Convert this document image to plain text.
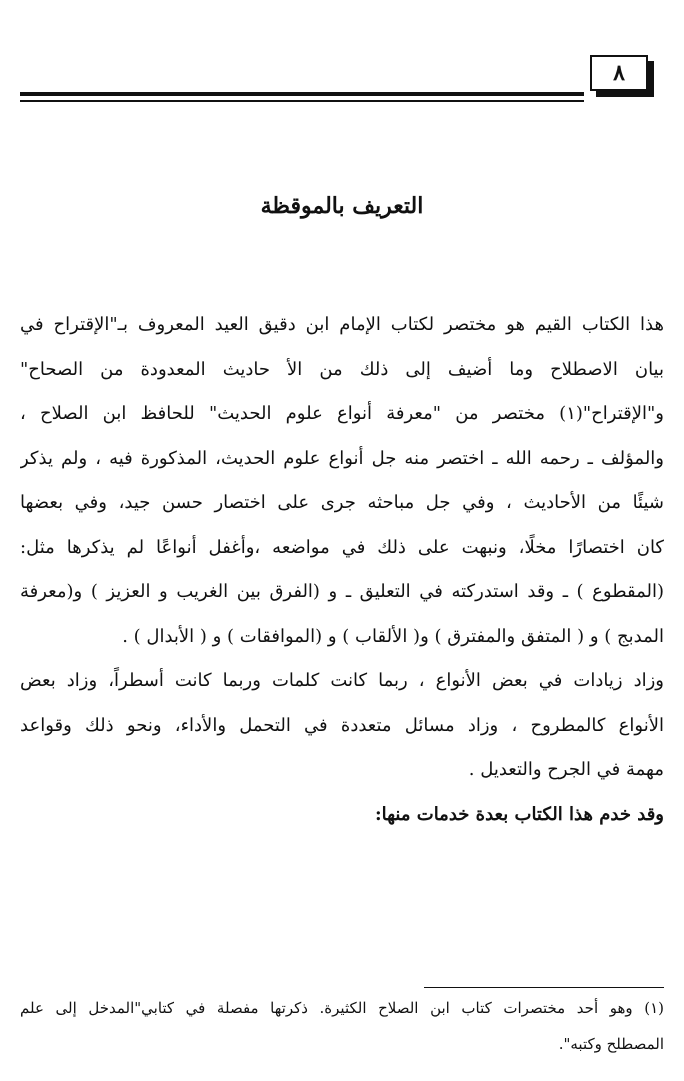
٨
التعريف بالموقظة
هذا الكتاب القيم هو مختصر لكتاب الإمام ابن دقيق العيد المعروف بـ"الإقتراح في
بيان الاصطلاح وما أضيف إلى ذلك من الأ حاديث المعدودة من الصحاح"
و"الإقتراح"(١) مختصر من "معرفة أنواع علوم الحديث" للحافظ ابن الصلاح ،
والمؤلف ـ رحمه الله ـ اختصر منه جل أنواع علوم الحديث، المذكورة فيه ، ولم يذكر
شيئًا من الأحاديث ، وفي جل مباحثه جرى على اختصار حسن جيد، وفي بعضها
كان اختصارًا مخلًا، ونبهت على ذلك في مواضعه ،وأغفل أنواعًا لم يذكرها مثل:
(المقطوع ) ـ وقد استدركته في التعليق ـ و (الفرق بين الغريب و العزيز ) و(معرفة
المدبج ) و ( المتفق والمفترق ) و( الألقاب ) و (الموافقات ) و ( الأبدال ) .
وزاد زيادات في بعض الأنواع ، ربما كانت كلمات وربما كانت أسطراً، وزاد بعض
الأنواع كالمطروح ، وزاد مسائل متعددة في التحمل والأداء، ونحو ذلك وقواعد
مهمة في الجرح والتعديل .
وقد خدم هذا الكتاب بعدة خدمات منها:
(١) وهو أحد مختصرات كتاب ابن الصلاح الكثيرة. ذكرتها مفصلة في كتابي"المدخل إلى علم
المصطلح وكتبه".
